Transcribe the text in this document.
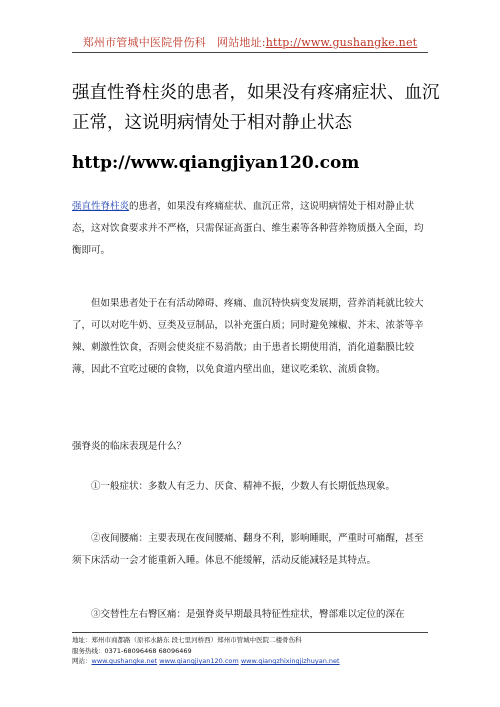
郑州市管城中医院骨伤科 网站地址:http://www.gushangke.net
强直性脊柱炎的患者，如果没有疼痛症状、血沉正常，这说明病情处于相对静止状态
http://www.qiangjiyan120.com
强直性脊柱炎的患者，如果没有疼痛症状、血沉正常，这说明病情处于相对静止状态，这对饮食要求并不严格，只需保证高蛋白、维生素等各种营养物质摄入全面，均衡即可。
但如果患者处于在有活动障碍、疼痛、血沉特快病变发展期，营养消耗就比较大了，可以对吃牛奶、豆类及豆制品，以补充蛋白质；同时避免辣椒、芥末、浓茶等辛辣、刺激性饮食，否则会使炎症不易消散；由于患者长期使用消，消化道黏膜比较薄，因此不宜吃过硬的食物，以免食道内壁出血，建议吃柔软、流质食物。
强脊炎的临床表现是什么？
①一般症状：多数人有乏力、厌食、精神不振，少数人有长期低热现象。
②夜间腰痛：主要表现在夜间腰痛、翻身不利，影响睡眠，严重时可痛醒，甚至须下床活动一会才能重新入睡。体息不能缓解，活动反能减轻是其特点。
③交替性左右臀区痛：是强脊炎早期最具特征性症状，臀部难以定位的深在
地址：郑州市商都路（原祁水路东 段七里河桥西）郑州市管城中医院二楼骨伤科
服务热线：0371-68096468 68096469
网站：www.gushangke.net www.qiangjiyan120.com www.qiangzhixingjizhuyan.net
